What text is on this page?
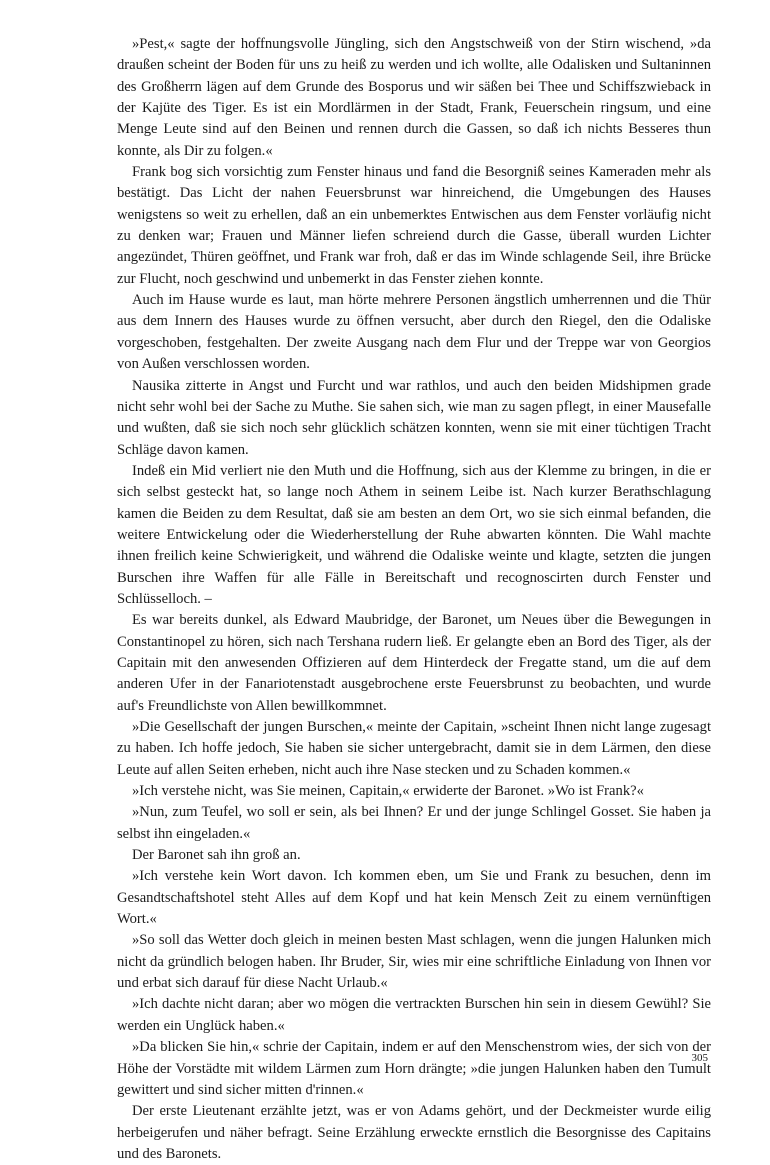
»Pest,« sagte der hoffnungsvolle Jüngling, sich den Angstschweiß von der Stirn wischend, »da draußen scheint der Boden für uns zu heiß zu werden und ich wollte, alle Odalisken und Sultaninnen des Großherrn lägen auf dem Grunde des Bosporus und wir säßen bei Thee und Schiffszwieback in der Kajüte des Tiger. Es ist ein Mordlärmen in der Stadt, Frank, Feuerschein ringsum, und eine Menge Leute sind auf den Beinen und rennen durch die Gassen, so daß ich nichts Besseres thun konnte, als Dir zu folgen.«

Frank bog sich vorsichtig zum Fenster hinaus und fand die Besorgniß seines Kameraden mehr als bestätigt. Das Licht der nahen Feuersbrunst war hinreichend, die Umgebungen des Hauses wenigstens so weit zu erhellen, daß an ein unbemerktes Entwischen aus dem Fenster vorläufig nicht zu denken war; Frauen und Männer liefen schreiend durch die Gasse, überall wurden Lichter angezündet, Thüren geöffnet, und Frank war froh, daß er das im Winde schlagende Seil, ihre Brücke zur Flucht, noch geschwind und unbemerkt in das Fenster ziehen konnte.

Auch im Hause wurde es laut, man hörte mehrere Personen ängstlich umherrennen und die Thür aus dem Innern des Hauses wurde zu öffnen versucht, aber durch den Riegel, den die Odaliske vorgeschoben, festgehalten. Der zweite Ausgang nach dem Flur und der Treppe war von Georgios von Außen verschlossen worden.

Nausika zitterte in Angst und Furcht und war rathlos, und auch den beiden Midshipmen grade nicht sehr wohl bei der Sache zu Muthe. Sie sahen sich, wie man zu sagen pflegt, in einer Mausefalle und wußten, daß sie sich noch sehr glücklich schätzen konnten, wenn sie mit einer tüchtigen Tracht Schläge davon kamen.

Indeß ein Mid verliert nie den Muth und die Hoffnung, sich aus der Klemme zu bringen, in die er sich selbst gesteckt hat, so lange noch Athem in seinem Leibe ist. Nach kurzer Berathschlagung kamen die Beiden zu dem Resultat, daß sie am besten an dem Ort, wo sie sich einmal befanden, die weitere Entwickelung oder die Wiederherstellung der Ruhe abwarten könnten. Die Wahl machte ihnen freilich keine Schwierigkeit, und während die Odaliske weinte und klagte, setzten die jungen Burschen ihre Waffen für alle Fälle in Bereitschaft und recognoscirten durch Fenster und Schlüsselloch. –

Es war bereits dunkel, als Edward Maubridge, der Baronet, um Neues über die Bewegungen in Constantinopel zu hören, sich nach Tershana rudern ließ. Er gelangte eben an Bord des Tiger, als der Capitain mit den anwesenden Offizieren auf dem Hinterdeck der Fregatte stand, um die auf dem anderen Ufer in der Fanariotenstadt ausgebrochene erste Feuersbrunst zu beobachten, und wurde auf's Freundlichste von Allen bewillkommnet.

»Die Gesellschaft der jungen Burschen,« meinte der Capitain, »scheint Ihnen nicht lange zugesagt zu haben. Ich hoffe jedoch, Sie haben sie sicher untergebracht, damit sie in dem Lärmen, den diese Leute auf allen Seiten erheben, nicht auch ihre Nase stecken und zu Schaden kommen.«

»Ich verstehe nicht, was Sie meinen, Capitain,« erwiderte der Baronet. »Wo ist Frank?«

»Nun, zum Teufel, wo soll er sein, als bei Ihnen? Er und der junge Schlingel Gosset. Sie haben ja selbst ihn eingeladen.«

Der Baronet sah ihn groß an.

»Ich verstehe kein Wort davon. Ich kommen eben, um Sie und Frank zu besuchen, denn im Gesandtschaftshotel steht Alles auf dem Kopf und hat kein Mensch Zeit zu einem vernünftigen Wort.«

»So soll das Wetter doch gleich in meinen besten Mast schlagen, wenn die jungen Halunken mich nicht da gründlich belogen haben. Ihr Bruder, Sir, wies mir eine schriftliche Einladung von Ihnen vor und erbat sich darauf für diese Nacht Urlaub.«

»Ich dachte nicht daran; aber wo mögen die vertrackten Burschen hin sein in diesem Gewühl? Sie werden ein Unglück haben.«

»Da blicken Sie hin,« schrie der Capitain, indem er auf den Menschenstrom wies, der sich von der Höhe der Vorstädte mit wildem Lärmen zum Horn drängte; »die jungen Halunken haben den Tumult gewittert und sind sicher mitten d'rinnen.«

Der erste Lieutenant erzählte jetzt, was er von Adams gehört, und der Deckmeister wurde eilig herbeigerufen und näher befragt. Seine Erzählung erweckte ernstlich die Besorgnisse des Capitains und des Baronets.

305
